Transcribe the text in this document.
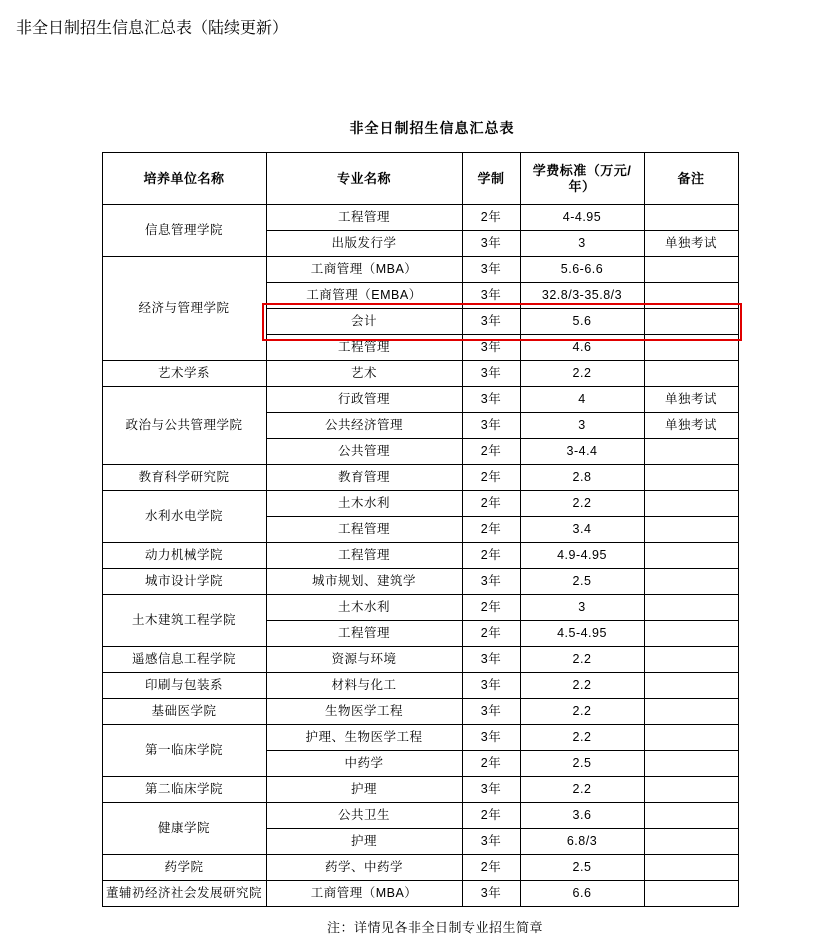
非全日制招生信息汇总表（陆续更新）
非全日制招生信息汇总表
培养单位名称	专业名称	学制	学费标准（万元/年）	备注
信息管理学院	工程管理	2年	4-4.95	
	出版发行学	3年	3	单独考试
经济与管理学院	工商管理（MBA）	3年	5.6-6.6	
	工商管理（EMBA）	3年	32.8/3-35.8/3	
	会计	3年	5.6	
	工程管理	3年	4.6	
艺术学系	艺术	3年	2.2	
政治与公共管理学院	行政管理	3年	4	单独考试
	公共经济管理	3年	3	单独考试
	公共管理	2年	3-4.4	
教育科学研究院	教育管理	2年	2.8	
水利水电学院	土木水利	2年	2.2	
	工程管理	2年	3.4	
动力机械学院	工程管理	2年	4.9-4.95	
城市设计学院	城市规划、建筑学	3年	2.5	
土木建筑工程学院	土木水利	2年	3	
	工程管理	2年	4.5-4.95	
遥感信息工程学院	资源与环境	3年	2.2	
印刷与包装系	材料与化工	3年	2.2	
基础医学院	生物医学工程	3年	2.2	
第一临床学院	护理、生物医学工程	3年	2.2	
	中药学	2年	2.5	
第二临床学院	护理	3年	2.2	
健康学院	公共卫生	2年	3.6	
	护理	3年	6.8/3	
药学院	药学、中药学	2年	2.5	
董辅礽经济社会发展研究院	工商管理（MBA）	3年	6.6	
注：详情见各非全日制专业招生简章
